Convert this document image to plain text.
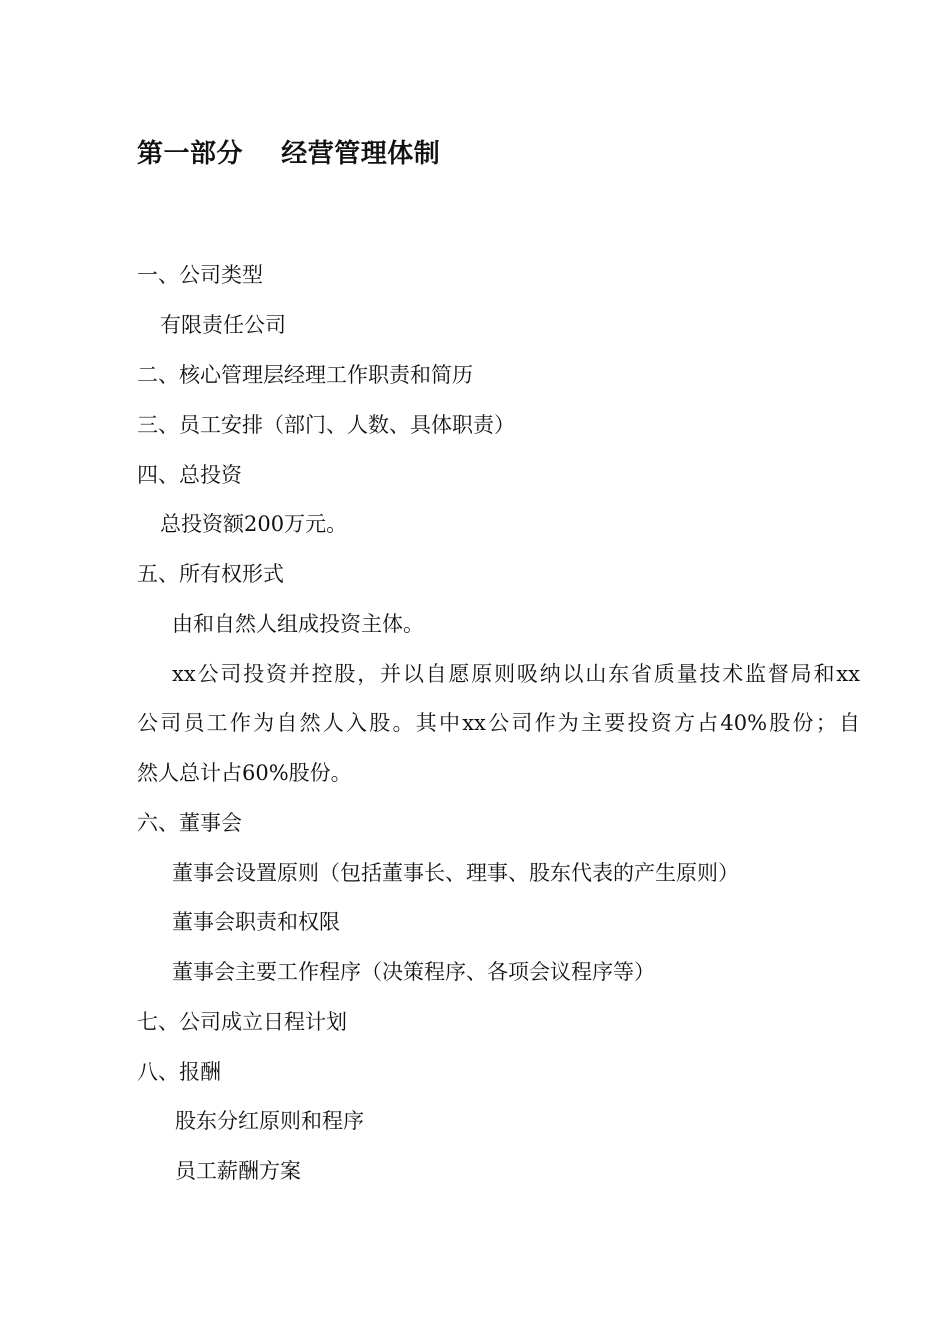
第一部分    经营管理体制
一、公司类型
有限责任公司
二、核心管理层经理工作职责和简历
三、员工安排（部门、人数、具体职责）
四、总投资
总投资额200万元。
五、所有权形式
由和自然人组成投资主体。
xx公司投资并控股，并以自愿原则吸纳以山东省质量技术监督局和xx
公司员工作为自然人入股。其中xx公司作为主要投资方占40%股份；自
然人总计占60%股份。
六、董事会
董事会设置原则（包括董事长、理事、股东代表的产生原则）
董事会职责和权限
董事会主要工作程序（决策程序、各项会议程序等）
七、公司成立日程计划
八、报酬
股东分红原则和程序
员工薪酬方案
